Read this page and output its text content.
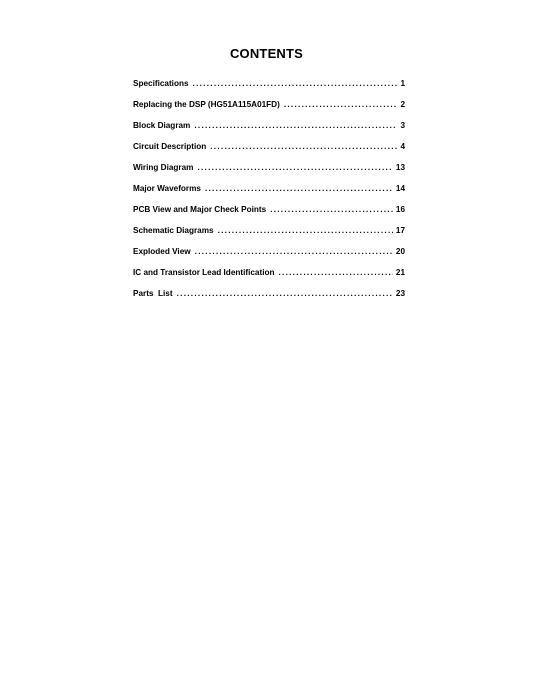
CONTENTS
Specifications . . .	1
Replacing the DSP (HG51A115A01FD) . . .	2
Block Diagram . . .	3
Circuit Description . . .	4
Wiring Diagram . . .	13
Major Waveforms . . .	14
PCB View and Major Check Points . . .	16
Schematic Diagrams . . .	17
Exploded View . . .	20
IC and Transistor Lead Identification . . .	21
Parts  List . . .	23
